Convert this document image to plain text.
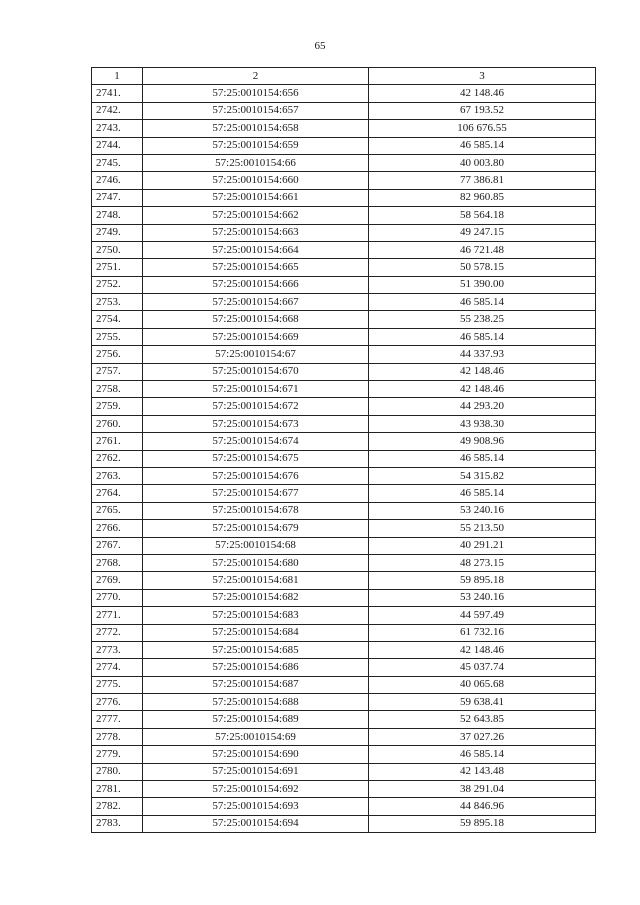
65
1	2	3
2741.	57:25:0010154:656	42 148.46
2742.	57:25:0010154:657	67 193.52
2743.	57:25:0010154:658	106 676.55
2744.	57:25:0010154:659	46 585.14
2745.	57:25:0010154:66	40 003.80
2746.	57:25:0010154:660	77 386.81
2747.	57:25:0010154:661	82 960.85
2748.	57:25:0010154:662	58 564.18
2749.	57:25:0010154:663	49 247.15
2750.	57:25:0010154:664	46 721.48
2751.	57:25:0010154:665	50 578.15
2752.	57:25:0010154:666	51 390.00
2753.	57:25:0010154:667	46 585.14
2754.	57:25:0010154:668	55 238.25
2755.	57:25:0010154:669	46 585.14
2756.	57:25:0010154:67	44 337.93
2757.	57:25:0010154:670	42 148.46
2758.	57:25:0010154:671	42 148.46
2759.	57:25:0010154:672	44 293.20
2760.	57:25:0010154:673	43 938.30
2761.	57:25:0010154:674	49 908.96
2762.	57:25:0010154:675	46 585.14
2763.	57:25:0010154:676	54 315.82
2764.	57:25:0010154:677	46 585.14
2765.	57:25:0010154:678	53 240.16
2766.	57:25:0010154:679	55 213.50
2767.	57:25:0010154:68	40 291.21
2768.	57:25:0010154:680	48 273.15
2769.	57:25:0010154:681	59 895.18
2770.	57:25:0010154:682	53 240.16
2771.	57:25:0010154:683	44 597.49
2772.	57:25:0010154:684	61 732.16
2773.	57:25:0010154:685	42 148.46
2774.	57:25:0010154:686	45 037.74
2775.	57:25:0010154:687	40 065.68
2776.	57:25:0010154:688	59 638.41
2777.	57:25:0010154:689	52 643.85
2778.	57:25:0010154:69	37 027.26
2779.	57:25:0010154:690	46 585.14
2780.	57:25:0010154:691	42 143.48
2781.	57:25:0010154:692	38 291.04
2782.	57:25:0010154:693	44 846.96
2783.	57:25:0010154:694	59 895.18
